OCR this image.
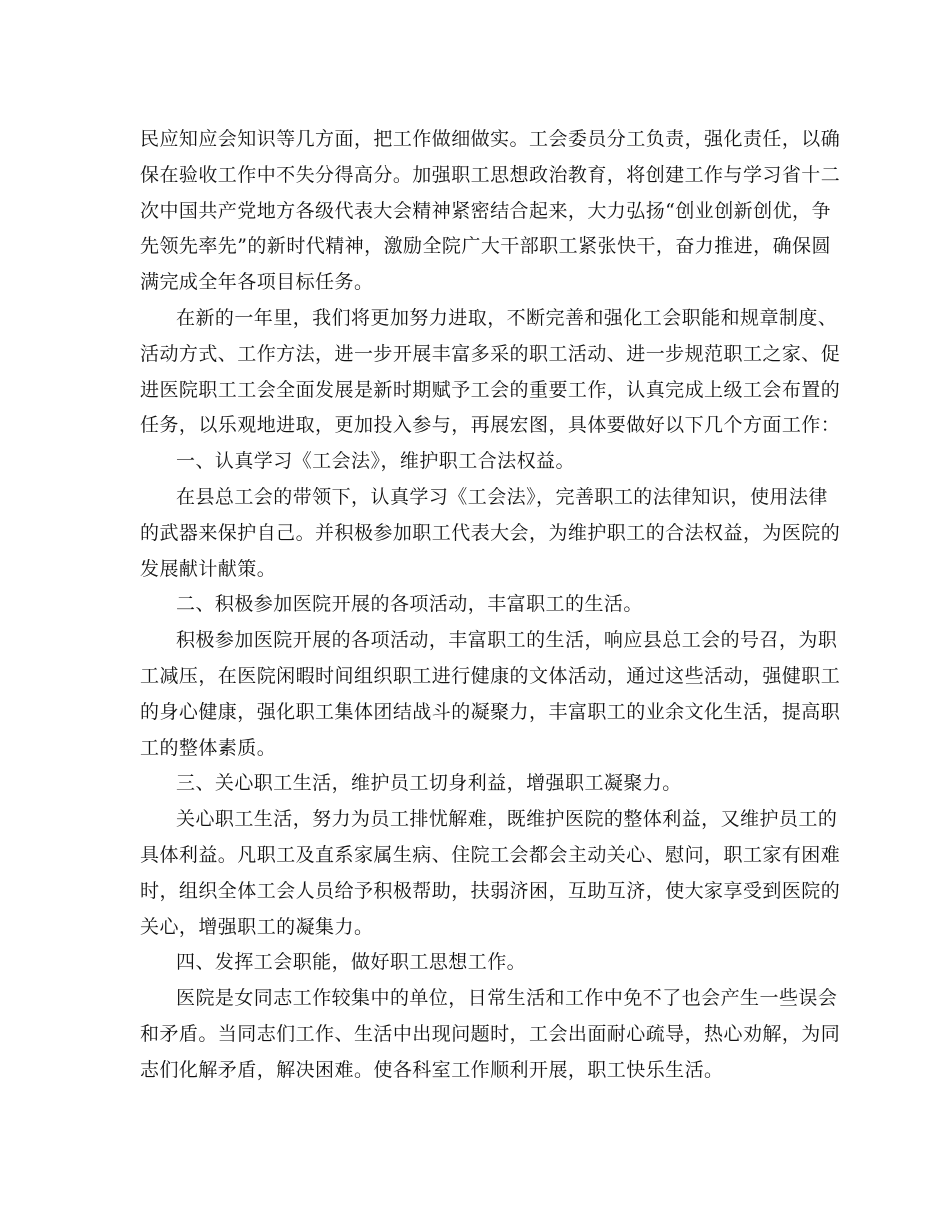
民应知应会知识等几方面，把工作做细做实。工会委员分工负责，强化责任，以确
保在验收工作中不失分得高分。加强职工思想政治教育，将创建工作与学习省十二
次中国共产党地方各级代表大会精神紧密结合起来，大力弘扬“创业创新创优，争
先领先率先”的新时代精神，激励全院广大干部职工紧张快干，奋力推进，确保圆
满完成全年各项目标任务。
在新的一年里，我们将更加努力进取，不断完善和强化工会职能和规章制度、
活动方式、工作方法，进一步开展丰富多采的职工活动、进一步规范职工之家、促
进医院职工工会全面发展是新时期赋予工会的重要工作，认真完成上级工会布置的
任务，以乐观地进取，更加投入参与，再展宏图，具体要做好以下几个方面工作：
一、认真学习《工会法》，维护职工合法权益。
在县总工会的带领下，认真学习《工会法》，完善职工的法律知识，使用法律
的武器来保护自己。并积极参加职工代表大会，为维护职工的合法权益，为医院的
发展献计献策。
二、积极参加医院开展的各项活动，丰富职工的生活。
积极参加医院开展的各项活动，丰富职工的生活，响应县总工会的号召，为职
工减压，在医院闲暇时间组织职工进行健康的文体活动，通过这些活动，强健职工
的身心健康，强化职工集体团结战斗的凝聚力，丰富职工的业余文化生活，提高职
工的整体素质。
三、关心职工生活，维护员工切身利益，增强职工凝聚力。
关心职工生活，努力为员工排忧解难，既维护医院的整体利益，又维护员工的
具体利益。凡职工及直系家属生病、住院工会都会主动关心、慰问，职工家有困难
时，组织全体工会人员给予积极帮助，扶弱济困，互助互济，使大家享受到医院的
关心，增强职工的凝集力。
四、发挥工会职能，做好职工思想工作。
医院是女同志工作较集中的单位，日常生活和工作中免不了也会产生一些误会
和矛盾。当同志们工作、生活中出现问题时，工会出面耐心疏导，热心劝解，为同
志们化解矛盾，解决困难。使各科室工作顺利开展，职工快乐生活。
